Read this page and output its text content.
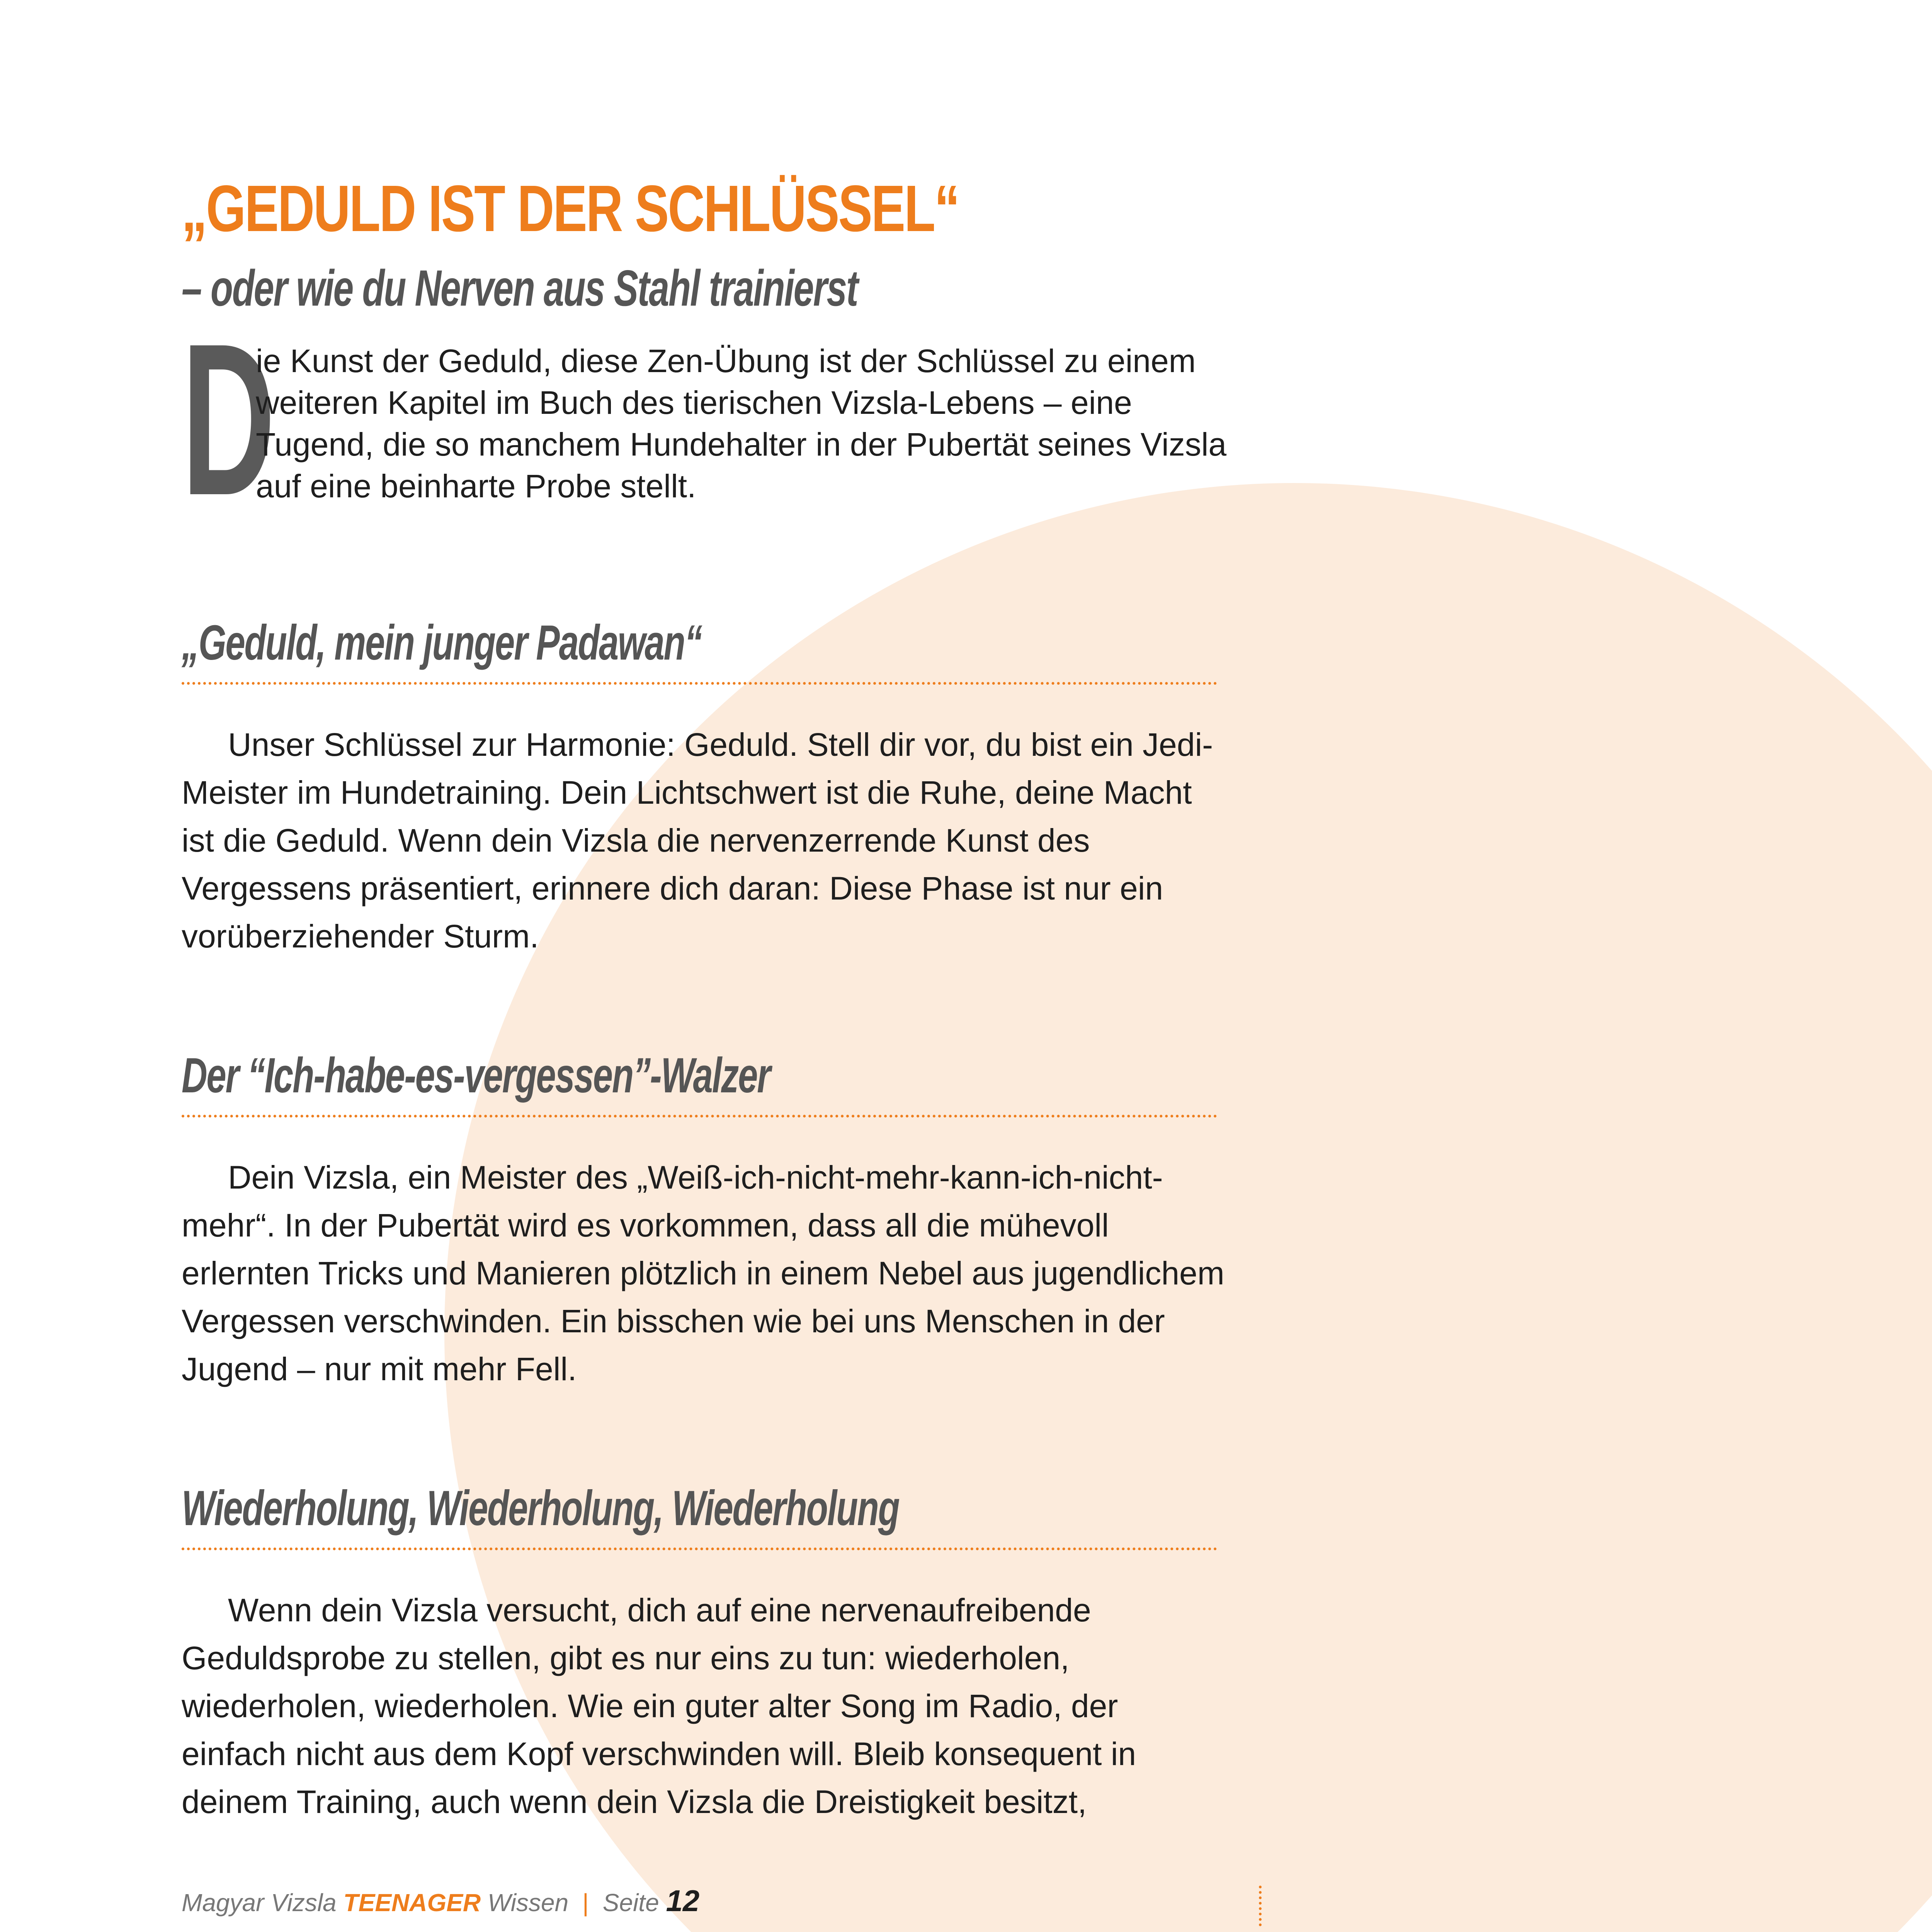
„GEDULD IST DER SCHLÜSSEL“
– oder wie du Nerven aus Stahl trainierst
D

ie Kunst der Geduld, diese Zen-Übung ist der Schlüssel zu einem weiteren Kapitel im Buch des tierischen Vizsla-Lebens – eine Tugend, die so manchem Hundehalter in der Pubertät seines Vizsla auf eine beinharte Probe stellt.

„Geduld, mein junger Padawan“

Unser Schlüssel zur Harmonie: Geduld. Stell dir vor, du bist ein Jedi-Meister im Hundetraining. Dein Lichtschwert ist die Ruhe, deine Macht ist die Geduld. Wenn dein Vizsla die nervenzerrende Kunst des Vergessens präsentiert, erinnere dich daran: Diese Phase ist nur ein vorüberziehender Sturm.

Der “Ich-habe-es-vergessen”-Walzer

Dein Vizsla, ein Meister des „Weiß-ich-nicht-mehr-kann-ich-nicht-mehr“. In der Pubertät wird es vorkommen, dass all die mühevoll erlernten Tricks und Manieren plötzlich in einem Nebel aus jugendlichem Vergessen verschwinden. Ein bisschen wie bei uns Menschen in der Jugend – nur mit mehr Fell.

Wiederholung, Wiederholung, Wiederholung

Wenn dein Vizsla versucht, dich auf eine nervenaufreibende Geduldsprobe zu stellen, gibt es nur eins zu tun: wiederholen, wiederholen, wiederholen. Wie ein guter alter Song im Radio, der einfach nicht aus dem Kopf verschwinden will. Bleib konsequent in deinem Training, auch wenn dein Vizsla die Dreistigkeit besitzt,

Magyar Vizsla TEENAGER Wissen | Seite 12
